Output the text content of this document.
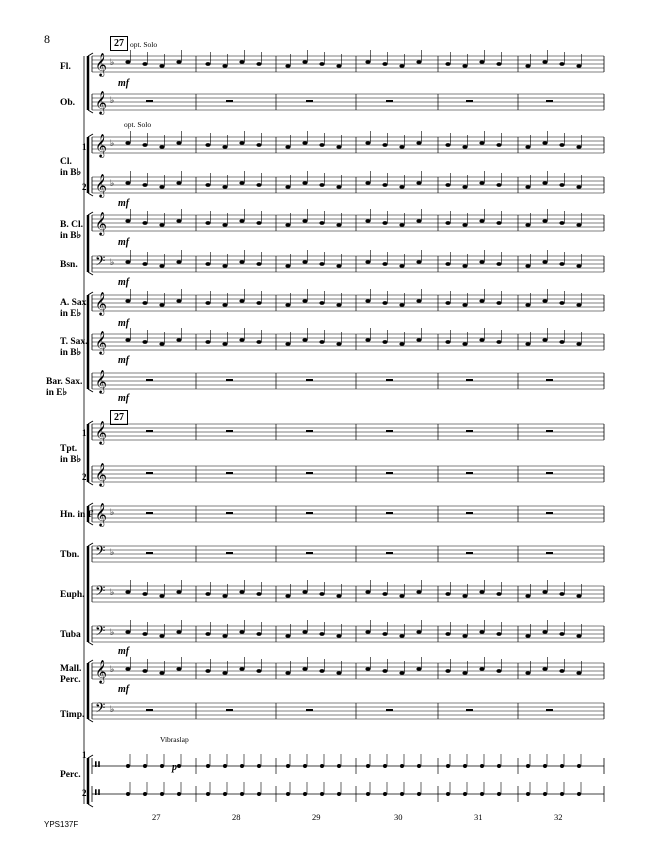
8
𝄞 ♭
𝄞 ♭
𝄞 ♭
𝄞 ♭
𝄞
𝄢 ♭
𝄞
𝄞
𝄞
𝄞
𝄞
𝄞 ♭
𝄢 ♭
𝄢 ♭
𝄢 ♭
𝄞 ♭
𝄢 ♭
𝄥
𝄥
Fl.
Ob.
Cl.
in B♭
B. Cl.
in B♭
Bsn.
A. Sax.
in E♭
T. Sax.
in B♭
Bar. Sax.
in E♭
Tpt.
in B♭
Hn. in F
Tbn.
Euph.
Tuba
Mall.
Perc.
Timp.
Perc.
1
2
1
2
1
2
27
27
opt. Solo
opt. Solo
Vibraslap
mf
mf
mf
mf
mf
mf
mf
mf
mf
p
27	28	29	30	31	32
YPS137F
